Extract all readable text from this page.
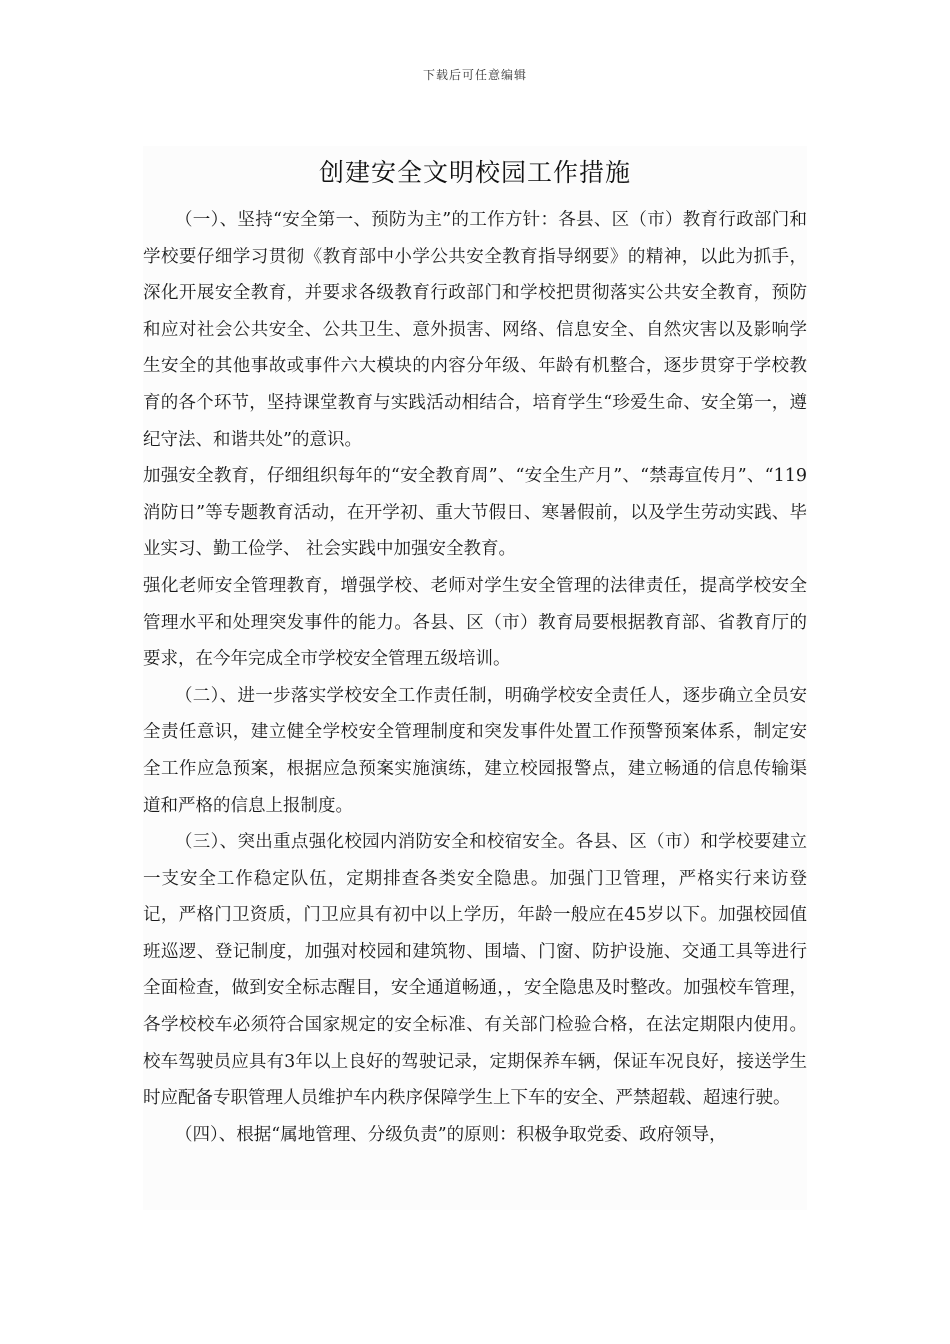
下载后可任意编辑
创建安全文明校园工作措施

（一）、坚持“安全第一、预防为主”的工作方针：各县、区（市）教育行政部门和学校要仔细学习贯彻《教育部中小学公共安全教育指导纲要》的精神，以此为抓手，深化开展安全教育，并要求各级教育行政部门和学校把贯彻落实公共安全教育，预防和应对社会公共安全、公共卫生、意外损害、网络、信息安全、自然灾害以及影响学生安全的其他事故或事件六大模块的内容分年级、年龄有机整合，逐步贯穿于学校教育的各个环节，坚持课堂教育与实践活动相结合，培育学生“珍爱生命、安全第一，遵纪守法、和谐共处”的意识。

加强安全教育，仔细组织每年的“安全教育周”、“安全生产月”、“禁毒宣传月”、“119消防日”等专题教育活动，在开学初、重大节假日、寒暑假前，以及学生劳动实践、毕业实习、勤工俭学、 社会实践中加强安全教育。

强化老师安全管理教育，增强学校、老师对学生安全管理的法律责任，提高学校安全管理水平和处理突发事件的能力。各县、区（市）教育局要根据教育部、省教育厅的要求，在今年完成全市学校安全管理五级培训。

（二）、进一步落实学校安全工作责任制，明确学校安全责任人，逐步确立全员安全责任意识，建立健全学校安全管理制度和突发事件处置工作预警预案体系，制定安全工作应急预案，根据应急预案实施演练，建立校园报警点，建立畅通的信息传输渠道和严格的信息上报制度。

（三）、突出重点强化校园内消防安全和校宿安全。各县、区（市）和学校要建立一支安全工作稳定队伍，定期排查各类安全隐患。加强门卫管理，严格实行来访登记，严格门卫资质，门卫应具有初中以上学历，年龄一般应在45岁以下。加强校园值班巡逻、登记制度，加强对校园和建筑物、围墙、门窗、防护设施、交通工具等进行全面检查，做到安全标志醒目，安全通道畅通，，安全隐患及时整改。加强校车管理，各学校校车必须符合国家规定的安全标准、有关部门检验合格，在法定期限内使用。校车驾驶员应具有3年以上良好的驾驶记录，定期保养车辆，保证车况良好，接送学生时应配备专职管理人员维护车内秩序保障学生上下车的安全、严禁超载、超速行驶。

（四）、根据“属地管理、分级负责”的原则：积极争取党委、政府领导，
